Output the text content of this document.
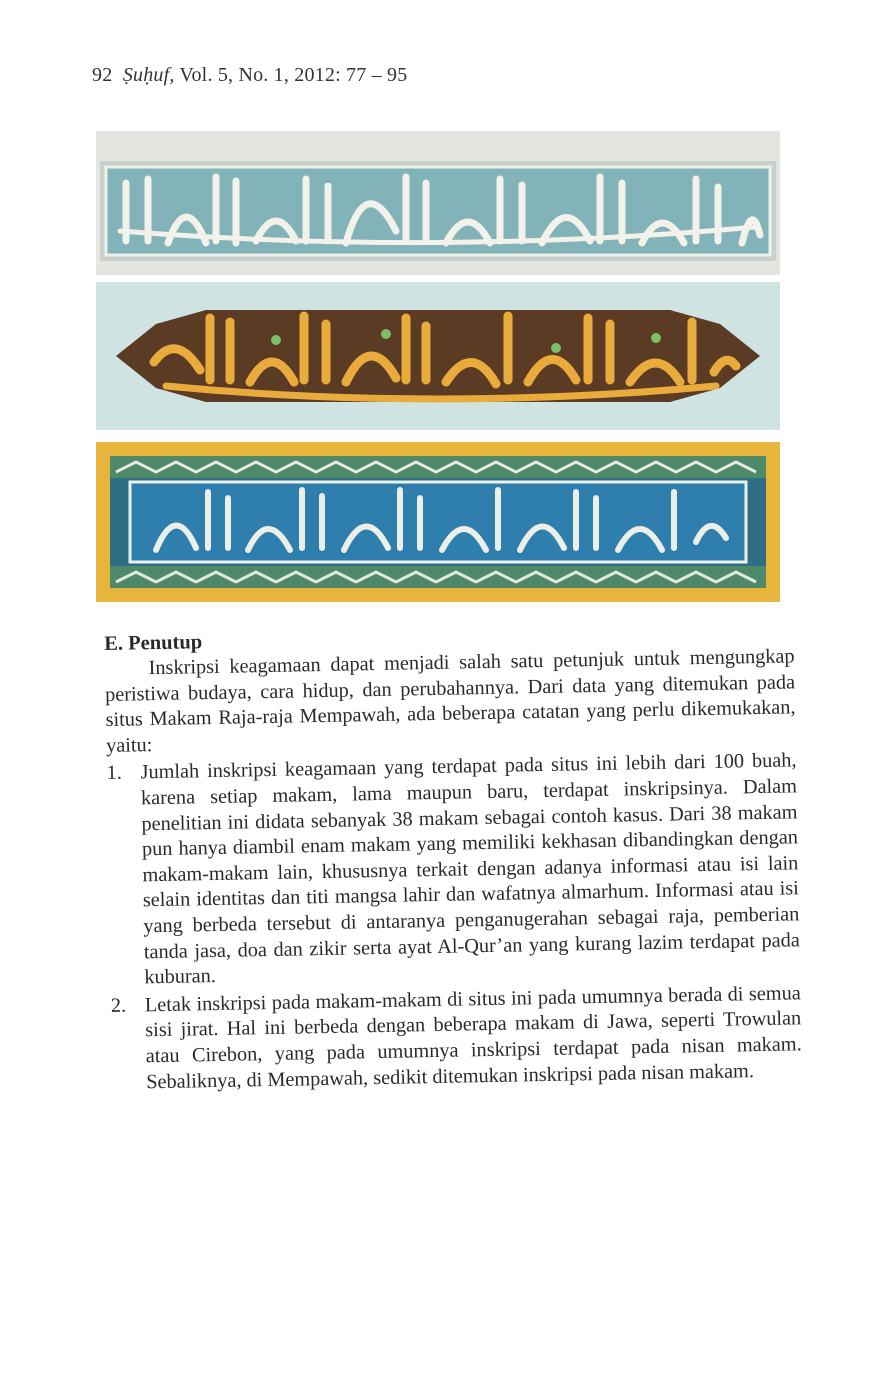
92 Ṣuḥuf, Vol. 5, No. 1, 2012: 77 – 95
E. Penutup

Inskripsi keagamaan dapat menjadi salah satu petunjuk untuk mengungkap peristiwa budaya, cara hidup, dan perubahannya. Dari data yang ditemukan pada situs Makam Raja-raja Mempawah, ada beberapa catatan yang perlu dikemukakan, yaitu:

1. Jumlah inskripsi keagamaan yang terdapat pada situs ini lebih dari 100 buah, karena setiap makam, lama maupun baru, terdapat inskripsinya. Dalam penelitian ini didata sebanyak 38 makam sebagai contoh kasus. Dari 38 makam pun hanya diambil enam makam yang memiliki kekhasan dibandingkan dengan makam-makam lain, khususnya terkait dengan adanya informasi atau isi lain selain identitas dan titi mangsa lahir dan wafatnya almarhum. Informasi atau isi yang berbeda tersebut di antaranya penganugerahan sebagai raja, pemberian tanda jasa, doa dan zikir serta ayat Al-Qur’an yang kurang lazim terdapat pada kuburan.
2. Letak inskripsi pada makam-makam di situs ini pada umumnya berada di semua sisi jirat. Hal ini berbeda dengan beberapa makam di Jawa, seperti Trowulan atau Cirebon, yang pada umumnya inskripsi terdapat pada nisan makam. Sebaliknya, di Mempawah, sedikit ditemukan inskripsi pada nisan makam.
